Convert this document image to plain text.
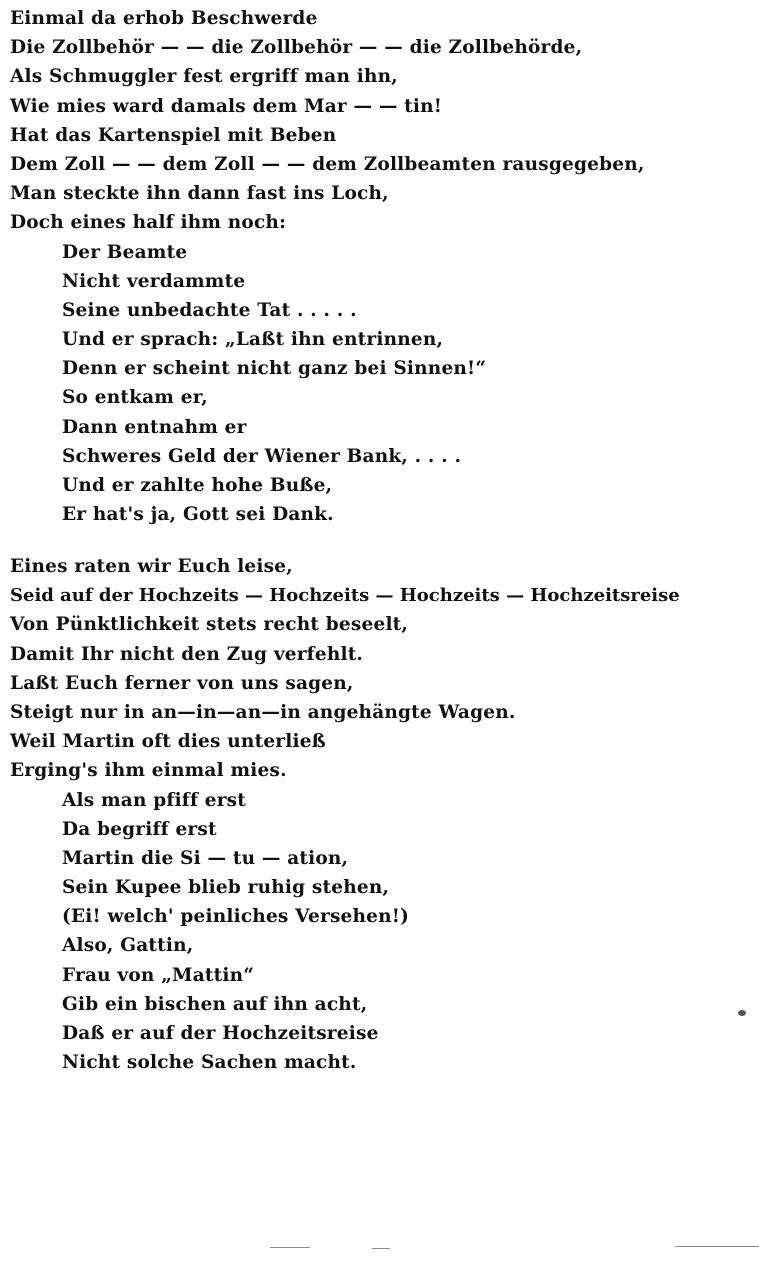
Einmal da erhob Beschwerde
Die Zollbehör — — die Zollbehör — — die Zollbehörde,
Als Schmuggler fest ergriff man ihn,
Wie mies ward damals dem Mar — — tin!
Hat das Kartenspiel mit Beben
Dem Zoll — — dem Zoll — — dem Zollbeamten rausgegeben,
Man steckte ihn dann fast ins Loch,
Doch eines half ihm noch:
Der Beamte
Nicht verdammte
Seine unbedachte Tat . . . . .
Und er sprach: „Laßt ihn entrinnen,
Denn er scheint nicht ganz bei Sinnen!“
So entkam er,
Dann entnahm er
Schweres Geld der Wiener Bank, . . . .
Und er zahlte hohe Buße,
Er hat's ja, Gott sei Dank.
Eines raten wir Euch leise,
Seid auf der Hochzeits — Hochzeits — Hochzeits — Hochzeitsreise
Von Pünktlichkeit stets recht beseelt,
Damit Ihr nicht den Zug verfehlt.
Laßt Euch ferner von uns sagen,
Steigt nur in an—in—an—in angehängte Wagen.
Weil Martin oft dies unterließ
Erging's ihm einmal mies.
Als man pfiff erst
Da begriff erst
Martin die Si — tu — ation,
Sein Kupee blieb ruhig stehen,
(Ei! welch' peinliches Versehen!)
Also, Gattin,
Frau von „Mattin“
Gib ein bischen auf ihn acht,
Daß er auf der Hochzeitsreise
Nicht solche Sachen macht.
